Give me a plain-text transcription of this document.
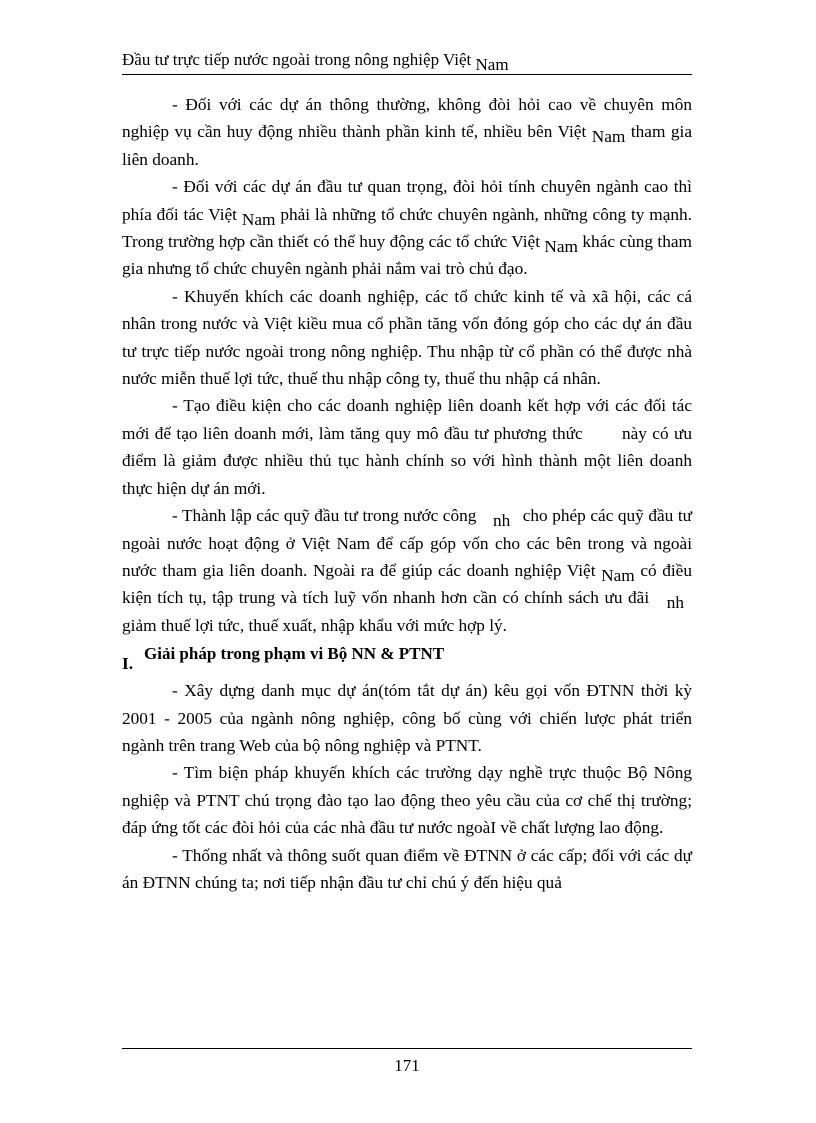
Đầu tư trực tiếp nước ngoài trong nông nghiệp Việt Nam

- Đối với các dự án thông thường, không đòi hỏi cao về chuyên môn nghiệp vụ cần huy động nhiều thành phần kinh tế, nhiều bên Việt Nam tham gia liên doanh.

- Đối với các dự án đầu tư quan trọng, đòi hỏi tính chuyên ngành cao thì phía đối tác Việt Nam phải là những tổ chức chuyên ngành, những công ty mạnh. Trong trường hợp cần thiết có thể huy động các tổ chức Việt Nam khác cùng tham gia nhưng tổ chức chuyên ngành phải nắm vai trò chủ đạo.

- Khuyến khích các doanh nghiệp, các tổ chức kinh tế và xã hội, các cá nhân trong nước và Việt kiều mua cổ phần tăng vốn đóng góp cho các dự án đầu tư trực tiếp nước ngoài trong nông nghiệp. Thu nhập từ cổ phần có thể được nhà nước miễn thuế lợi tức, thuế thu nhập công ty, thuế thu nhập cá nhân.

- Tạo điều kiện cho các doanh nghiệp liên doanh kết hợp với các đối tác mới để tạo liên doanh mới, làm tăng quy mô đầu tư phương thức này có ưu điểm là giảm được nhiều thủ tục hành chính so với hình thành một liên doanh thực hiện dự án mới.

- Thành lập các quỹ đầu tư trong nước công nh cho phép các quỹ đầu tư ngoài nước hoạt động ở Việt Nam để cấp góp vốn cho các bên trong và ngoài nước tham gia liên doanh. Ngoài ra để giúp các doanh nghiệp Việt Nam có điều kiện tích tụ, tập trung và tích luỹ vốn nhanh hơn cần có chính sách ưu đãi nh giảm thuế lợi tức, thuế xuất, nhập khẩu với mức hợp lý.

I.
Giải pháp trong phạm vi Bộ NN & PTNT

- Xây dựng danh mục dự án(tóm tắt dự án) kêu gọi vốn ĐTNN thời kỳ 2001 - 2005 của ngành nông nghiệp, công bố cùng với chiến lược phát triển ngành trên trang Web của bộ nông nghiệp và PTNT.

- Tìm biện pháp khuyến khích các trường dạy nghề trực thuộc Bộ Nông nghiệp và PTNT chú trọng đào tạo lao động theo yêu cầu của cơ chế thị trường; đáp ứng tốt các đòi hỏi của các nhà đầu tư nước ngoàI về chất lượng lao động.

- Thống nhất và thông suốt quan điểm về ĐTNN ở các cấp; đối với các dự án ĐTNN chúng ta; nơi tiếp nhận đầu tư chỉ chú ý đến hiệu quả

171
